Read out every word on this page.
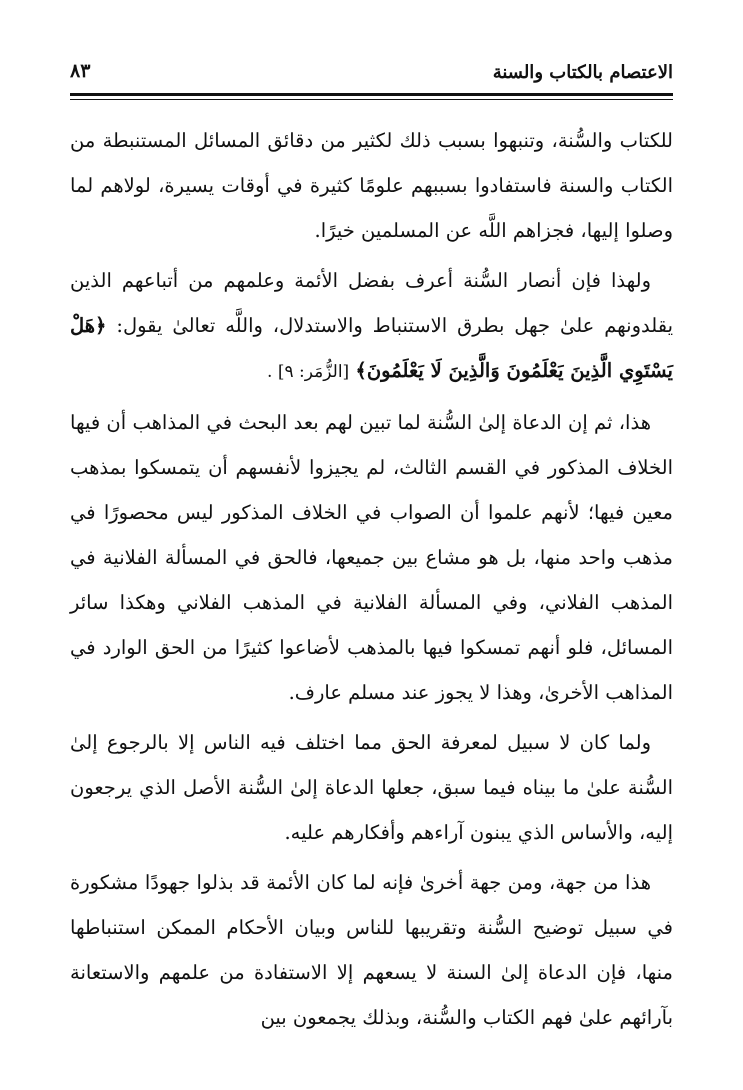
الاعتصام بالكتاب والسنة
٨٣

للكتاب والسُّنة، وتنبهوا بسبب ذلك لكثير من دقائق المسائل المستنبطة من الكتاب والسنة فاستفادوا بسببهم علومًا كثيرة في أوقات يسيرة، لولاهم لما وصلوا إليها، فجزاهم اللَّه عن المسلمين خيرًا.

ولهذا فإن أنصار السُّنة أعرف بفضل الأئمة وعلمهم من أتباعهم الذين يقلدونهم علىٰ جهل بطرق الاستنباط والاستدلال، واللَّه تعالىٰ يقول: ﴿هَلْ يَسْتَوِي الَّذِينَ يَعْلَمُونَ وَالَّذِينَ لَا يَعْلَمُونَ﴾ [الزُّمَر: ٩] .

هذا، ثم إن الدعاة إلىٰ السُّنة لما تبين لهم بعد البحث في المذاهب أن فيها الخلاف المذكور في القسم الثالث، لم يجيزوا لأنفسهم أن يتمسكوا بمذهب معين فيها؛ لأنهم علموا أن الصواب في الخلاف المذكور ليس محصورًا في مذهب واحد منها، بل هو مشاع بين جميعها، فالحق في المسألة الفلانية في المذهب الفلاني، وفي المسألة الفلانية في المذهب الفلاني وهكذا سائر المسائل، فلو أنهم تمسكوا فيها بالمذهب لأضاعوا كثيرًا من الحق الوارد في المذاهب الأخرىٰ، وهذا لا يجوز عند مسلم عارف.

ولما كان لا سبيل لمعرفة الحق مما اختلف فيه الناس إلا بالرجوع إلىٰ السُّنة علىٰ ما بيناه فيما سبق، جعلها الدعاة إلىٰ السُّنة الأصل الذي يرجعون إليه، والأساس الذي يبنون آراءهم وأفكارهم عليه.

هذا من جهة، ومن جهة أخرىٰ فإنه لما كان الأئمة قد بذلوا جهودًا مشكورة في سبيل توضيح السُّنة وتقريبها للناس وبيان الأحكام الممكن استنباطها منها، فإن الدعاة إلىٰ السنة لا يسعهم إلا الاستفادة من علمهم والاستعانة بآرائهم علىٰ فهم الكتاب والسُّنة، وبذلك يجمعون بين
